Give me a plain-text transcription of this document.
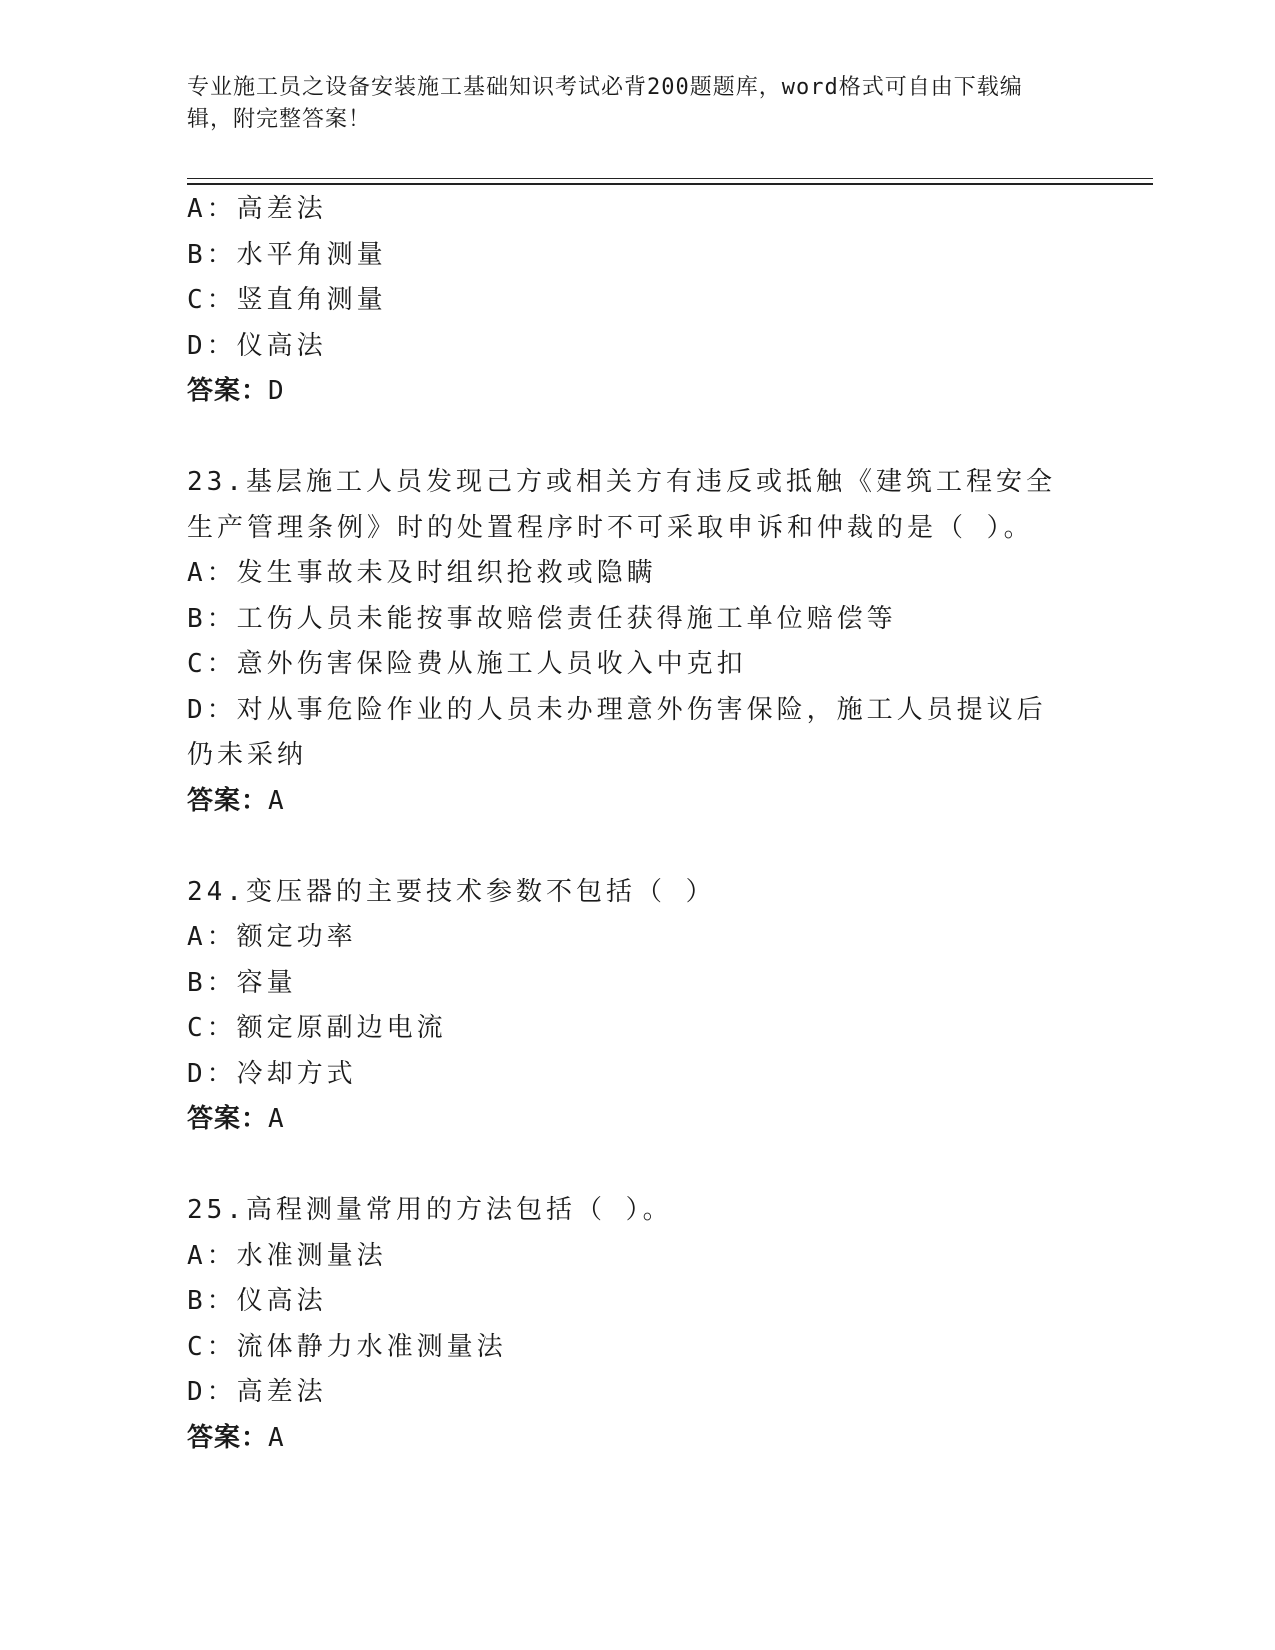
专业施工员之设备安装施工基础知识考试必背200题题库，word格式可自由下载编辑，附完整答案！
A：高差法
B：水平角测量
C：竖直角测量
D：仪高法
答案：D
23.基层施工人员发现己方或相关方有违反或抵触《建筑工程安全生产管理条例》时的处置程序时不可采取申诉和仲裁的是（ ）。
A：发生事故未及时组织抢救或隐瞒
B：工伤人员未能按事故赔偿责任获得施工单位赔偿等
C：意外伤害保险费从施工人员收入中克扣
D：对从事危险作业的人员未办理意外伤害保险，施工人员提议后仍未采纳
答案：A
24.变压器的主要技术参数不包括（ ）
A：额定功率
B：容量
C：额定原副边电流
D：冷却方式
答案：A
25.高程测量常用的方法包括（ ）。
A：水准测量法
B：仪高法
C：流体静力水准测量法
D：高差法
答案：A
